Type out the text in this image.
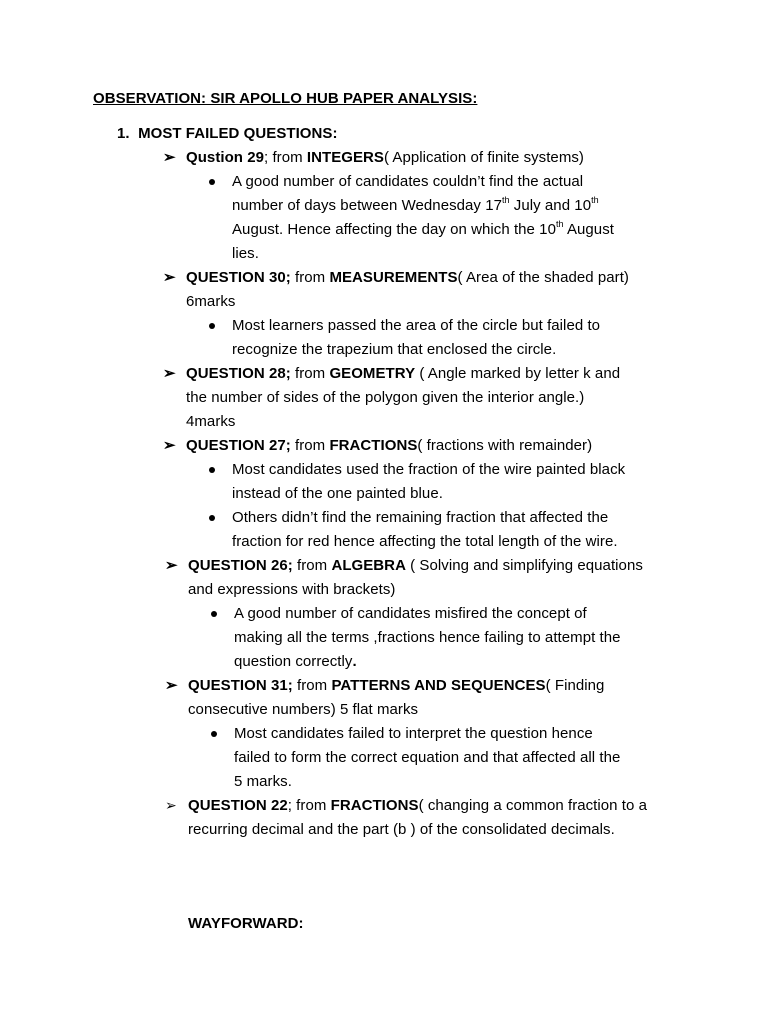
OBSERVATION: SIR APOLLO HUB PAPER ANALYSIS:
1. MOST FAILED QUESTIONS:
➢ Qustion 29; from INTEGERS( Application of finite systems)
A good number of candidates couldn’t find the actual
number of days between Wednesday 17th July and 10th
August. Hence affecting the day on which the 10th August
lies.
➢ QUESTION 30; from MEASUREMENTS( Area of the shaded part)
6marks
Most learners passed the area of the circle but failed to
recognize the trapezium that enclosed the circle.
➢ QUESTION 28; from GEOMETRY ( Angle marked by letter k and
the number of sides of the polygon given the interior angle.)
4marks
➢ QUESTION 27; from FRACTIONS( fractions with remainder)
Most candidates used the fraction of the wire painted black
instead of the one painted blue.
Others didn’t find the remaining fraction that affected the
fraction for red hence affecting the total length of the wire.
➢ QUESTION 26; from ALGEBRA ( Solving and simplifying equations
and expressions with brackets)
A good number of candidates misfired the concept of
making all the terms ,fractions hence failing to attempt the
question correctly.
➢ QUESTION 31; from PATTERNS AND SEQUENCES( Finding
consecutive numbers) 5 flat marks
Most candidates failed to interpret the question hence
failed to form the correct equation and that affected all the
5 marks.
➢ QUESTION 22; from FRACTIONS( changing a common fraction to a
recurring decimal and the part (b ) of the consolidated decimals.
WAYFORWARD:
